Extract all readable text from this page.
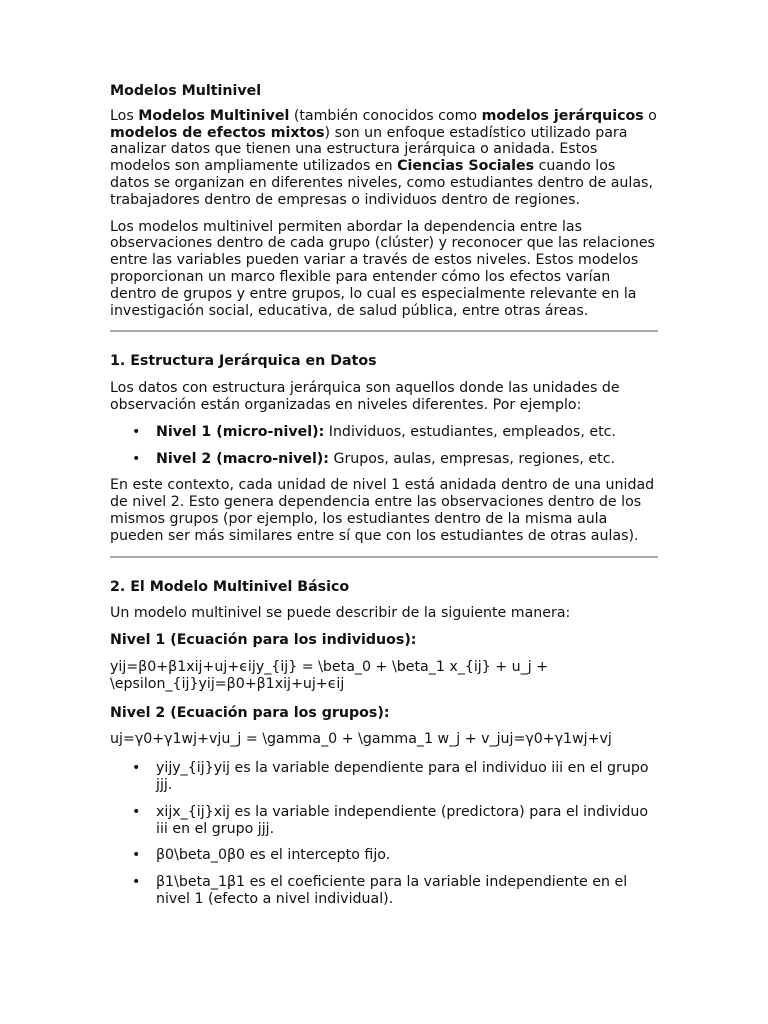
Modelos Multinivel

Los Modelos Multinivel (también conocidos como modelos jerárquicos o modelos de efectos mixtos) son un enfoque estadístico utilizado para analizar datos que tienen una estructura jerárquica o anidada. Estos modelos son ampliamente utilizados en Ciencias Sociales cuando los datos se organizan en diferentes niveles, como estudiantes dentro de aulas, trabajadores dentro de empresas o individuos dentro de regiones.

Los modelos multinivel permiten abordar la dependencia entre las observaciones dentro de cada grupo (clúster) y reconocer que las relaciones entre las variables pueden variar a través de estos niveles. Estos modelos proporcionan un marco flexible para entender cómo los efectos varían dentro de grupos y entre grupos, lo cual es especialmente relevante en la investigación social, educativa, de salud pública, entre otras áreas.

1. Estructura Jerárquica en Datos

Los datos con estructura jerárquica son aquellos donde las unidades de observación están organizadas en niveles diferentes. Por ejemplo:

• Nivel 1 (micro-nivel): Individuos, estudiantes, empleados, etc.
• Nivel 2 (macro-nivel): Grupos, aulas, empresas, regiones, etc.

En este contexto, cada unidad de nivel 1 está anidada dentro de una unidad de nivel 2. Esto genera dependencia entre las observaciones dentro de los mismos grupos (por ejemplo, los estudiantes dentro de la misma aula pueden ser más similares entre sí que con los estudiantes de otras aulas).

2. El Modelo Multinivel Básico

Un modelo multinivel se puede describir de la siguiente manera:

Nivel 1 (Ecuación para los individuos):
yij=β0+β1xij+uj+ϵijy_{ij} = \beta_0 + \beta_1 x_{ij} + u_j + \epsilon_{ij}yij=β0+β1xij+uj+ϵij
Nivel 2 (Ecuación para los grupos):
uj=γ0+γ1wj+vju_j = \gamma_0 + \gamma_1 w_j + v_juj=γ0+γ1wj+vj
• yijy_{ij}yij es la variable dependiente para el individuo iii en el grupo jjj.
• xijx_{ij}xij es la variable independiente (predictora) para el individuo iii en el grupo jjj.
• β0\beta_0β0 es el intercepto fijo.
• β1\beta_1β1 es el coeficiente para la variable independiente en el nivel 1 (efecto a nivel individual).
